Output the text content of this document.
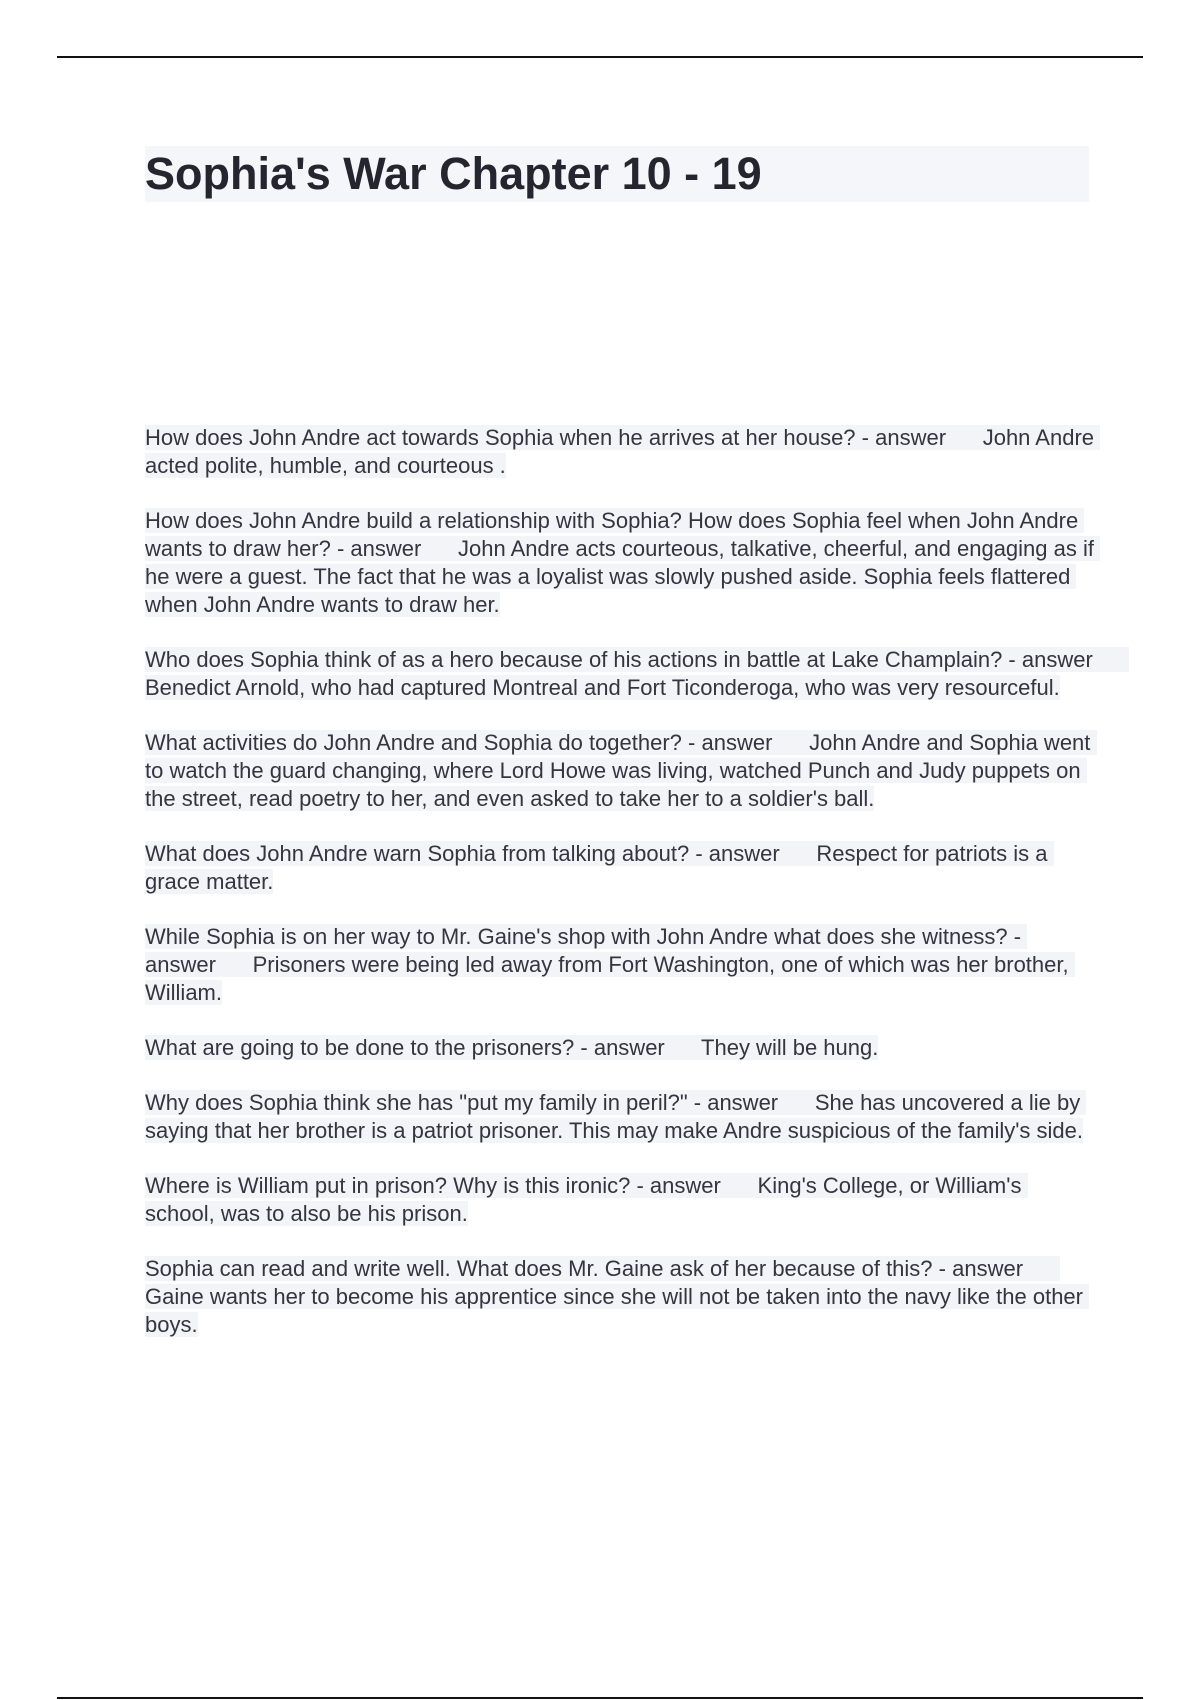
Sophia's War Chapter 10 - 19

How does John Andre act towards Sophia when he arrives at her house? - answer      John Andre acted polite, humble, and courteous .

How does John Andre build a relationship with Sophia? How does Sophia feel when John Andre wants to draw her? - answer      John Andre acts courteous, talkative, cheerful, and engaging as if he were a guest. The fact that he was a loyalist was slowly pushed aside. Sophia feels flattered when John Andre wants to draw her.

Who does Sophia think of as a hero because of his actions in battle at Lake Champlain? - answer      Benedict Arnold, who had captured Montreal and Fort Ticonderoga, who was very resourceful.

What activities do John Andre and Sophia do together? - answer      John Andre and Sophia went to watch the guard changing, where Lord Howe was living, watched Punch and Judy puppets on the street, read poetry to her, and even asked to take her to a soldier's ball.

What does John Andre warn Sophia from talking about? - answer      Respect for patriots is a grace matter.

While Sophia is on her way to Mr. Gaine's shop with John Andre what does she witness? - answer      Prisoners were being led away from Fort Washington, one of which was her brother, William.

What are going to be done to the prisoners? - answer      They will be hung.

Why does Sophia think she has "put my family in peril?" - answer      She has uncovered a lie by saying that her brother is a patriot prisoner. This may make Andre suspicious of the family's side.

Where is William put in prison? Why is this ironic? - answer      King's College, or William's school, was to also be his prison.

Sophia can read and write well. What does Mr. Gaine ask of her because of this? - answer      Gaine wants her to become his apprentice since she will not be taken into the navy like the other boys.
